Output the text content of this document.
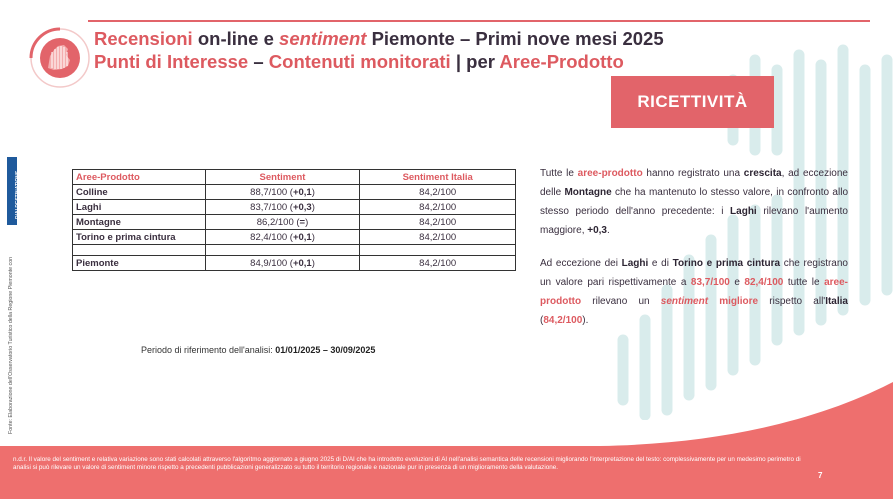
Recensioni on-line e sentiment Piemonte – Primi nove mesi 2025
Punti di Interesse – Contenuti monitorati | per Aree-Prodotto
RICETTIVITÀ
D/AI DESTINATIONS
Fonte: Elaborazione dell'Osservatorio Turistico della Regione Piemonte con
Aree-Prodotto	Sentiment	Sentiment Italia
Colline	88,7/100 (+0,1)	84,2/100
Laghi	83,7/100 (+0,3)	84,2/100
Montagne	86,2/100 (=)	84,2/100
Torino e prima cintura	82,4/100 (+0,1)	84,2/100

Piemonte	84,9/100 (+0,1)	84,2/100
Periodo di riferimento dell'analisi: 01/01/2025 – 30/09/2025
Tutte le aree-prodotto hanno registrato una crescita, ad eccezione delle Montagne che ha mantenuto lo stesso valore, in confronto allo stesso periodo dell'anno precedente: i Laghi rilevano l'aumento maggiore, +0,3.
Ad eccezione dei Laghi e di Torino e prima cintura che registrano un valore pari rispettivamente a 83,7/100 e 82,4/100 tutte le aree-prodotto rilevano un sentiment migliore rispetto all'Italia (84,2/100).
n.d.r. Il valore del sentiment e relativa variazione sono stati calcolati attraverso l'algoritmo aggiornato a giugno 2025 di D/AI che ha introdotto evoluzioni di AI nell'analisi semantica delle recensioni migliorando l'interpretazione del testo: complessivamente per un medesimo perimetro di analisi si può rilevare un valore di sentiment minore rispetto a precedenti pubblicazioni generalizzato su tutto il territorio regionale e nazionale pur in presenza di un miglioramento della valutazione.
7
